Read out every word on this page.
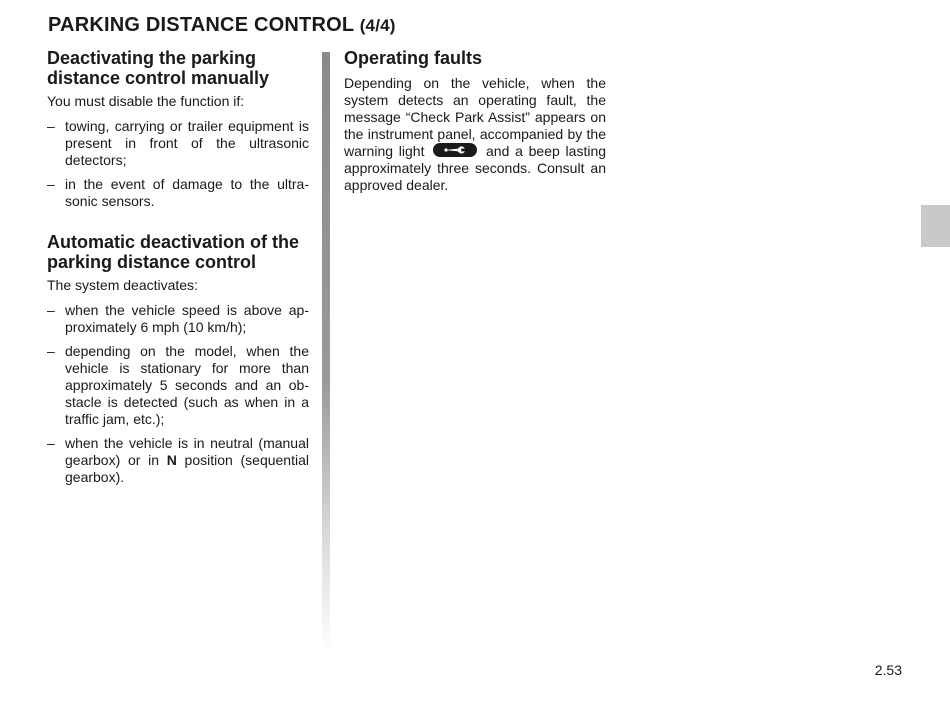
PARKING DISTANCE CONTROL (4/4)
Deactivating the parking distance control manually

You must disable the function if:

– towing, carrying or trailer equipment is present in front of the ultrasonic detectors;
– in the event of damage to the ultra-sonic sensors.
Automatic deactivation of the parking distance control

The system deactivates:

– when the vehicle speed is above ap-proximately 6 mph (10 km/h);
– depending on the model, when the vehicle is stationary for more than approximately 5 seconds and an ob-stacle is detected (such as when in a traffic jam, etc.);
– when the vehicle is in neutral (manual gearbox) or in N position (sequential gearbox).
Operating faults

Depending on the vehicle, when the system detects an operating fault, the message “Check Park Assist” appears on the instrument panel, accompanied by the warning light	and a beep lasting approximately three seconds. Consult an approved dealer.

2.53
